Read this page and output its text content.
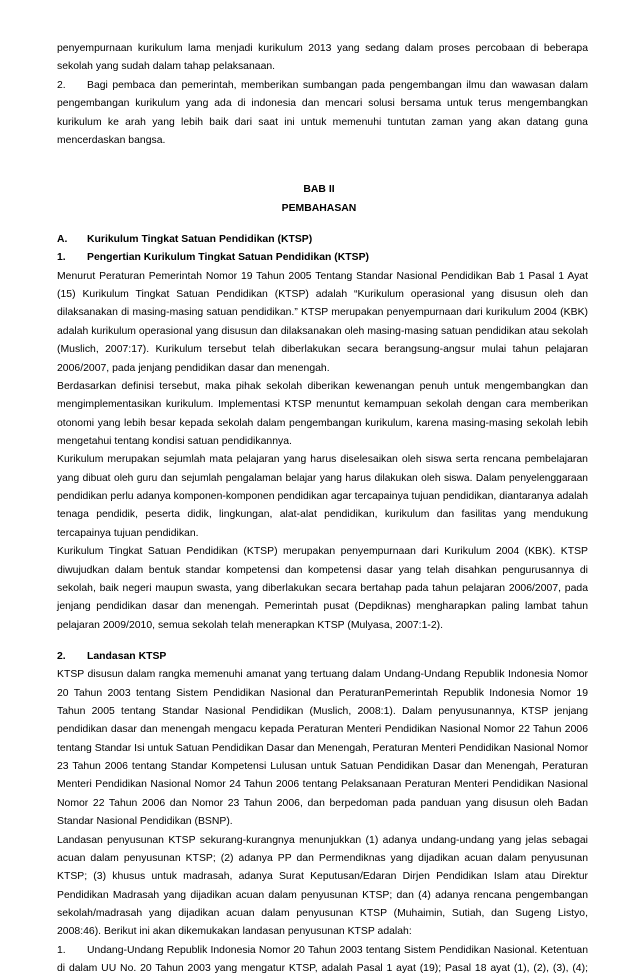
penyempurnaan kurikulum lama menjadi kurikulum 2013 yang sedang dalam proses percobaan di beberapa
sekolah yang sudah dalam tahap pelaksanaan.
2. Bagi pembaca dan pemerintah, memberikan sumbangan pada pengembangan ilmu dan wawasan dalam
pengembangan kurikulum yang ada di indonesia dan mencari solusi bersama untuk terus mengembangkan
kurikulum ke arah yang lebih baik dari saat ini untuk memenuhi tuntutan zaman yang akan datang guna
mencerdaskan bangsa.
BAB II
PEMBAHASAN
A. Kurikulum Tingkat Satuan Pendidikan (KTSP)
1. Pengertian Kurikulum Tingkat Satuan Pendidikan (KTSP)
Menurut Peraturan Pemerintah Nomor 19 Tahun 2005 Tentang Standar Nasional Pendidikan Bab 1 Pasal 1 Ayat
(15) Kurikulum Tingkat Satuan Pendidikan (KTSP) adalah “Kurikulum operasional yang disusun oleh dan
dilaksanakan di masing-masing satuan pendidikan.” KTSP merupakan penyempurnaan dari kurikulum 2004 (KBK)
adalah kurikulum operasional yang disusun dan dilaksanakan oleh masing-masing satuan pendidikan atau sekolah
(Muslich, 2007:17). Kurikulum tersebut telah diberlakukan secara berangsung-angsur mulai tahun pelajaran
2006/2007, pada jenjang pendidikan dasar dan menengah.
Berdasarkan definisi tersebut, maka pihak sekolah diberikan kewenangan penuh untuk mengembangkan dan
mengimplementasikan kurikulum. Implementasi KTSP menuntut kemampuan sekolah dengan cara memberikan
otonomi yang lebih besar kepada sekolah dalam pengembangan kurikulum, karena masing-masing sekolah lebih
mengetahui tentang kondisi satuan pendidikannya.
Kurikulum merupakan sejumlah mata pelajaran yang harus diselesaikan oleh siswa serta rencana pembelajaran
yang dibuat oleh guru dan sejumlah pengalaman belajar yang harus dilakukan oleh siswa. Dalam penyelenggaraan
pendidikan perlu adanya komponen-komponen pendidikan agar tercapainya tujuan pendidikan, diantaranya adalah
tenaga pendidik, peserta didik, lingkungan, alat-alat pendidikan, kurikulum dan fasilitas yang mendukung
tercapainya tujuan pendidikan.
Kurikulum Tingkat Satuan Pendidikan (KTSP) merupakan penyempurnaan dari Kurikulum 2004 (KBK). KTSP
diwujudkan dalam bentuk standar kompetensi dan kompetensi dasar yang telah disahkan pengurusannya di
sekolah, baik negeri maupun swasta, yang diberlakukan secara bertahap pada tahun pelajaran 2006/2007, pada
jenjang pendidikan dasar dan menengah. Pemerintah pusat (Depdiknas) mengharapkan paling lambat tahun
pelajaran 2009/2010, semua sekolah telah menerapkan KTSP (Mulyasa, 2007:1-2).
2. Landasan KTSP
KTSP disusun dalam rangka memenuhi amanat yang tertuang dalam Undang-Undang Republik Indonesia Nomor
20 Tahun 2003 tentang Sistem Pendidikan Nasional dan PeraturanPemerintah Republik Indonesia Nomor 19
Tahun 2005 tentang Standar Nasional Pendidikan (Muslich, 2008:1). Dalam penyusunannya, KTSP jenjang
pendidikan dasar dan menengah mengacu kepada Peraturan Menteri Pendidikan Nasional Nomor 22 Tahun 2006
tentang Standar Isi untuk Satuan Pendidikan Dasar dan Menengah, Peraturan Menteri Pendidikan Nasional Nomor
23 Tahun 2006 tentang Standar Kompetensi Lulusan untuk Satuan Pendidikan Dasar dan Menengah, Peraturan
Menteri Pendidikan Nasional Nomor 24 Tahun 2006 tentang Pelaksanaan Peraturan Menteri Pendidikan Nasional
Nomor 22 Tahun 2006 dan Nomor 23 Tahun 2006, dan berpedoman pada panduan yang disusun oleh Badan
Standar Nasional Pendidikan (BSNP).
Landasan penyusunan KTSP sekurang-kurangnya menunjukkan (1) adanya undang-undang yang jelas sebagai
acuan dalam penyusunan KTSP; (2) adanya PP dan Permendiknas yang dijadikan acuan dalam penyusunan
KTSP; (3) khusus untuk madrasah, adanya Surat Keputusan/Edaran Dirjen Pendidikan Islam atau Direktur
Pendidikan Madrasah yang dijadikan acuan dalam penyusunan KTSP; dan (4) adanya rencana pengembangan
sekolah/madrasah yang dijadikan acuan dalam penyusunan KTSP (Muhaimin, Sutiah, dan Sugeng Listyo,
2008:46). Berikut ini akan dikemukakan landasan penyusunan KTSP adalah:
1. Undang-Undang Republik Indonesia Nomor 20 Tahun 2003 tentang Sistem Pendidikan Nasional. Ketentuan
di dalam UU No. 20 Tahun 2003 yang mengatur KTSP, adalah Pasal 1 ayat (19); Pasal 18 ayat (1), (2), (3), (4);
